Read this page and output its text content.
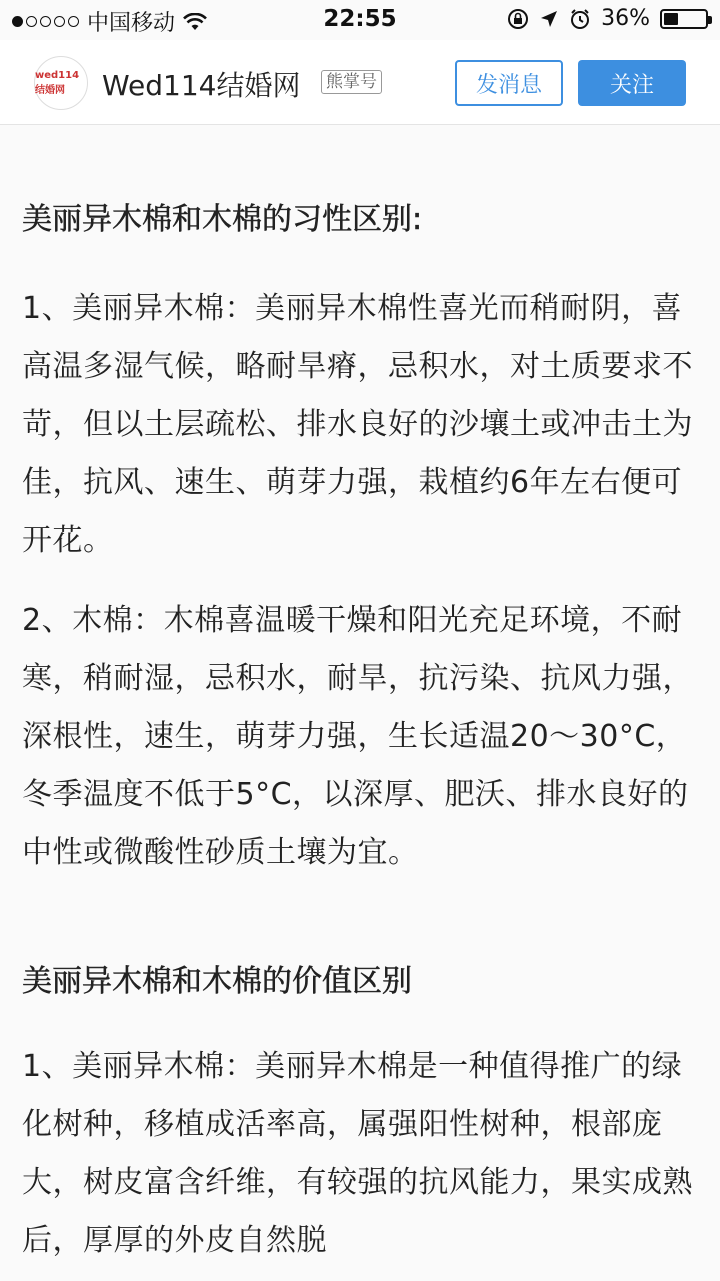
中国移动	22:55	36%
wed114结婚网	Wed114结婚网 熊掌号	发消息	关注
美丽异木棉和木棉的习性区别:

1、美丽异木棉：美丽异木棉性喜光而稍耐阴，喜高温多湿气候，略耐旱瘠，忌积水，对土质要求不苛，但以土层疏松、排水良好的沙壤土或冲击土为佳，抗风、速生、萌芽力强，栽植约6年左右便可开花。

2、木棉：木棉喜温暖干燥和阳光充足环境，不耐寒，稍耐湿，忌积水，耐旱，抗污染、抗风力强，深根性，速生，萌芽力强，生长适温20～30°C，冬季温度不低于5°C，以深厚、肥沃、排水良好的中性或微酸性砂质土壤为宜。

美丽异木棉和木棉的价值区别

1、美丽异木棉：美丽异木棉是一种值得推广的绿化树种，移植成活率高，属强阳性树种，根部庞大，树皮富含纤维，有较强的抗风能力，果实成熟后，厚厚的外皮自然脱
